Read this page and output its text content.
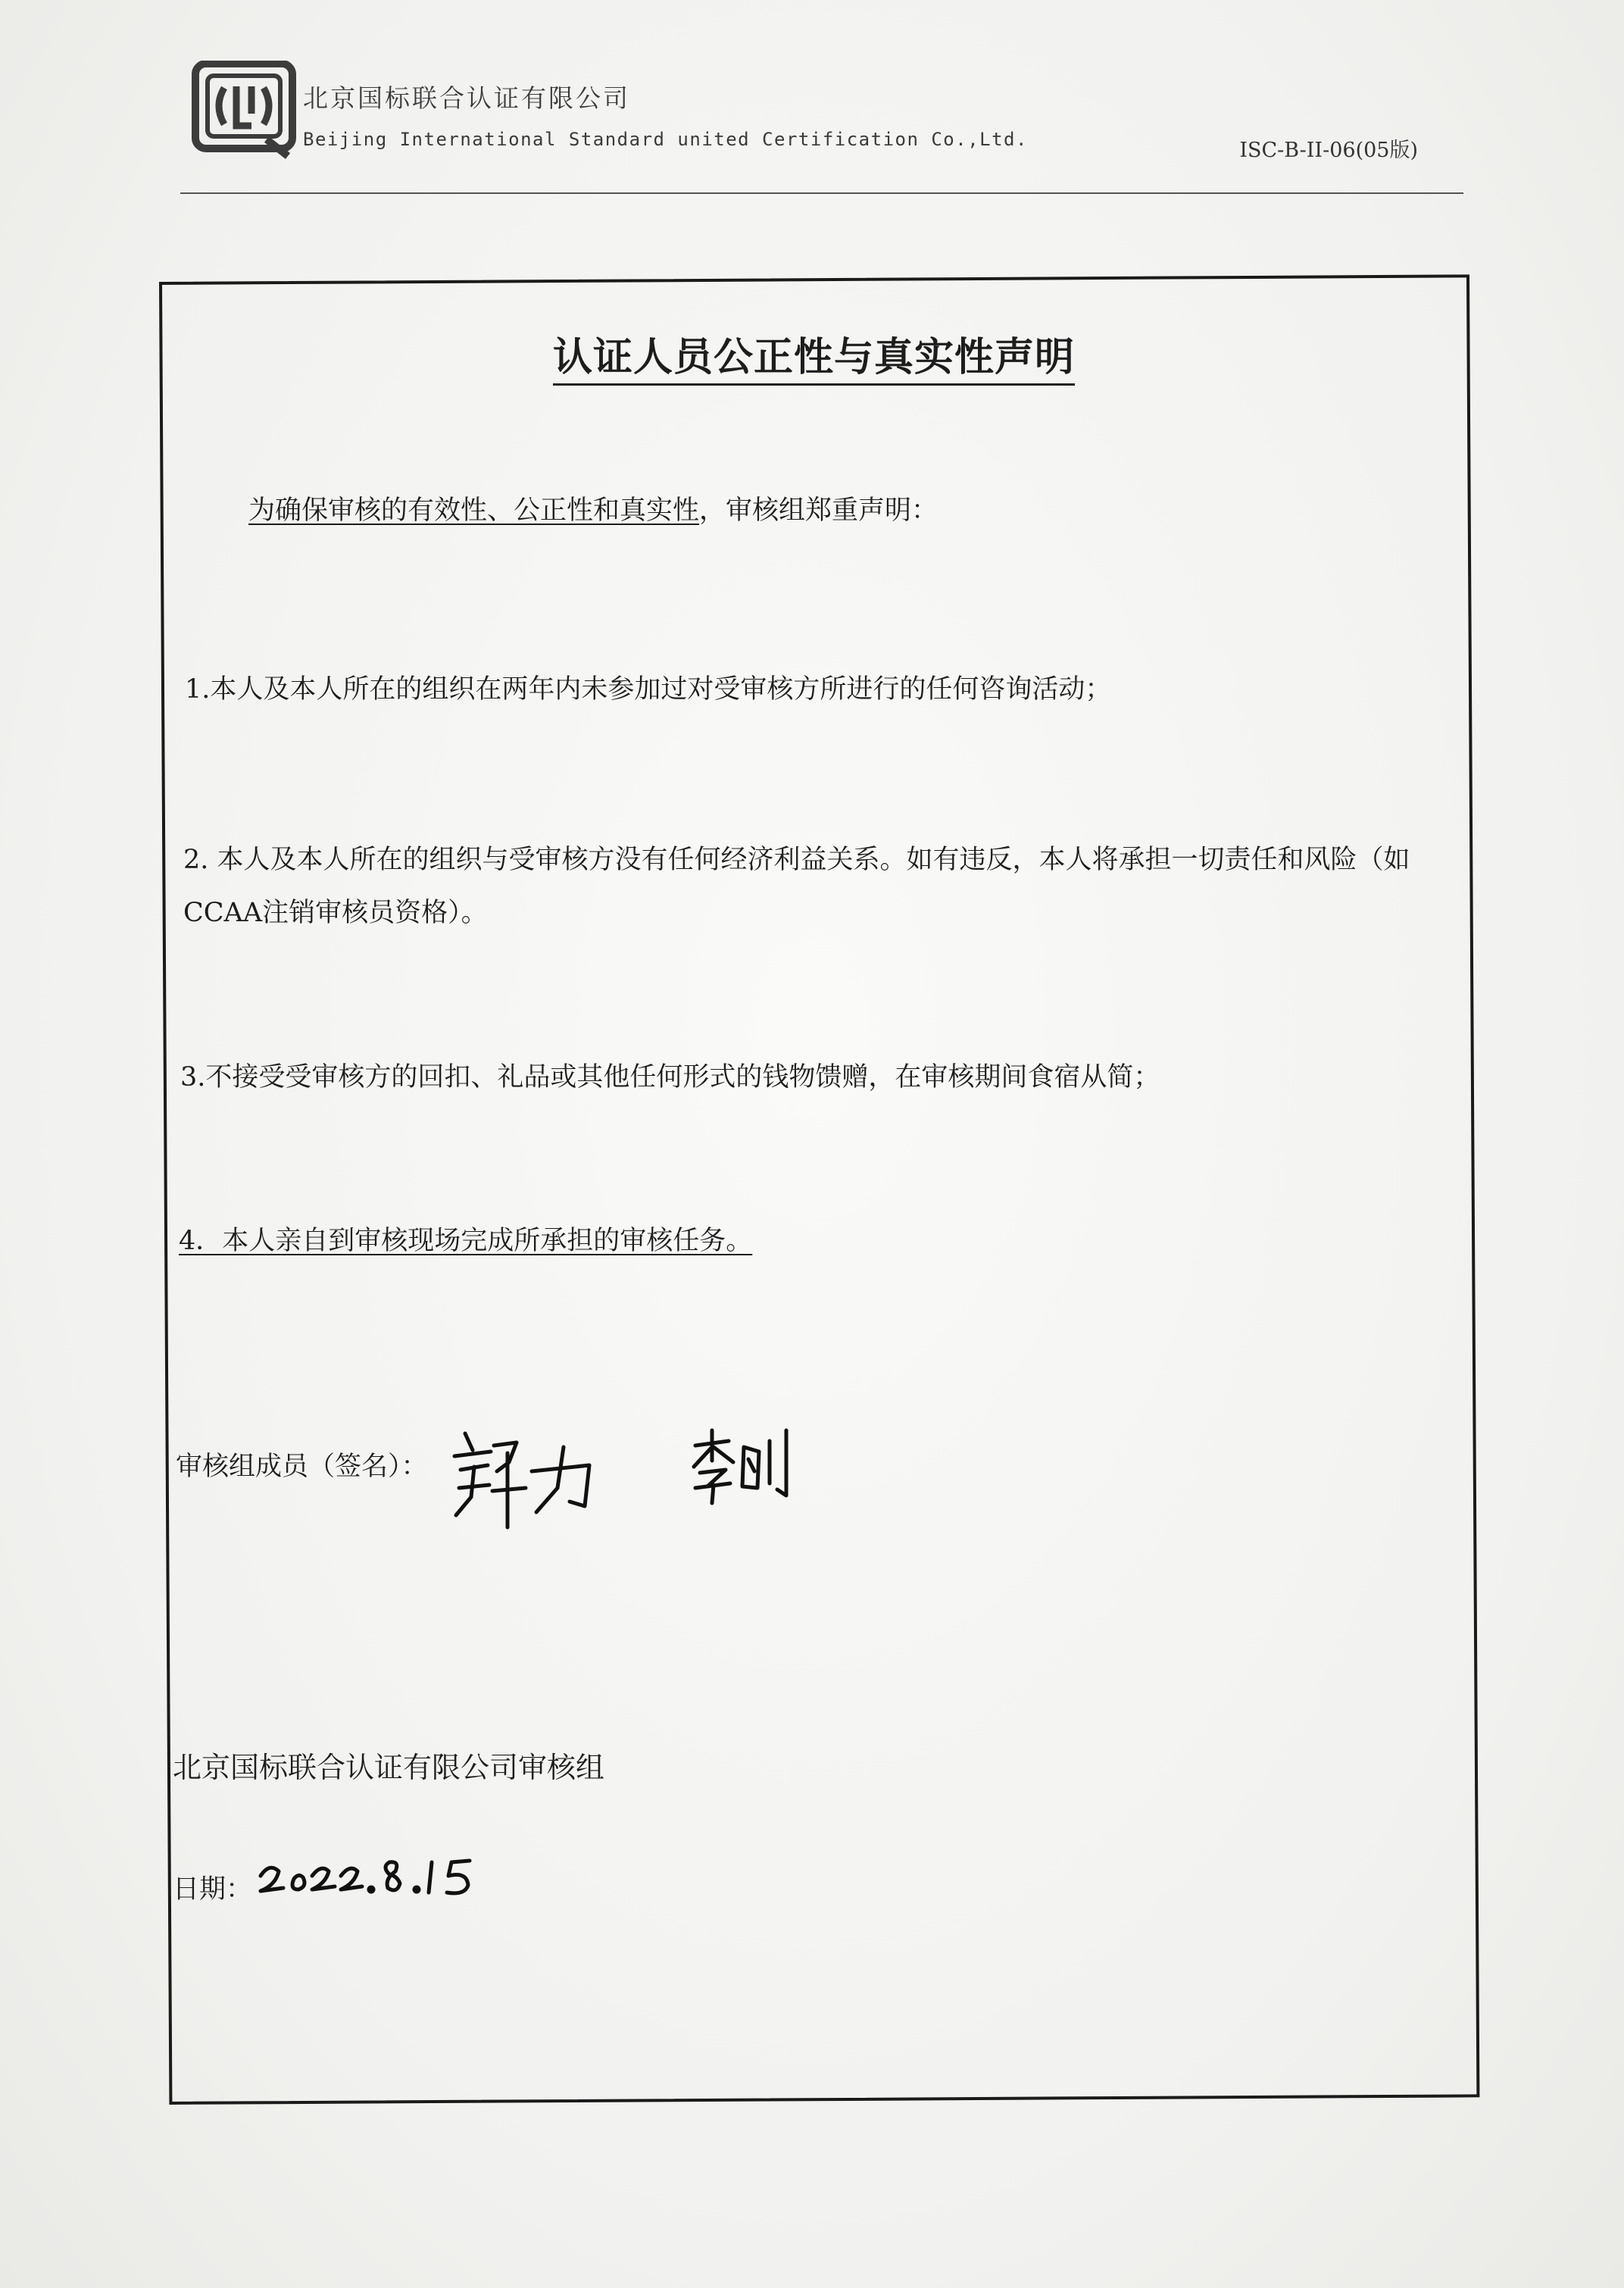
北京国标联合认证有限公司
Beijing International Standard united Certification Co.,Ltd.	ISC-B-II-06(05版)
认证人员公正性与真实性声明
为确保审核的有效性、公正性和真实性，审核组郑重声明：
1.本人及本人所在的组织在两年内未参加过对受审核方所进行的任何咨询活动；
2. 本人及本人所在的组织与受审核方没有任何经济利益关系。如有违反，本人将承担一切责任和风险（如CCAA注销审核员资格）。
3.不接受受审核方的回扣、礼品或其他任何形式的钱物馈赠，在审核期间食宿从简；
4．本人亲自到审核现场完成所承担的审核任务。
审核组成员（签名）：
北京国标联合认证有限公司审核组
日期：
